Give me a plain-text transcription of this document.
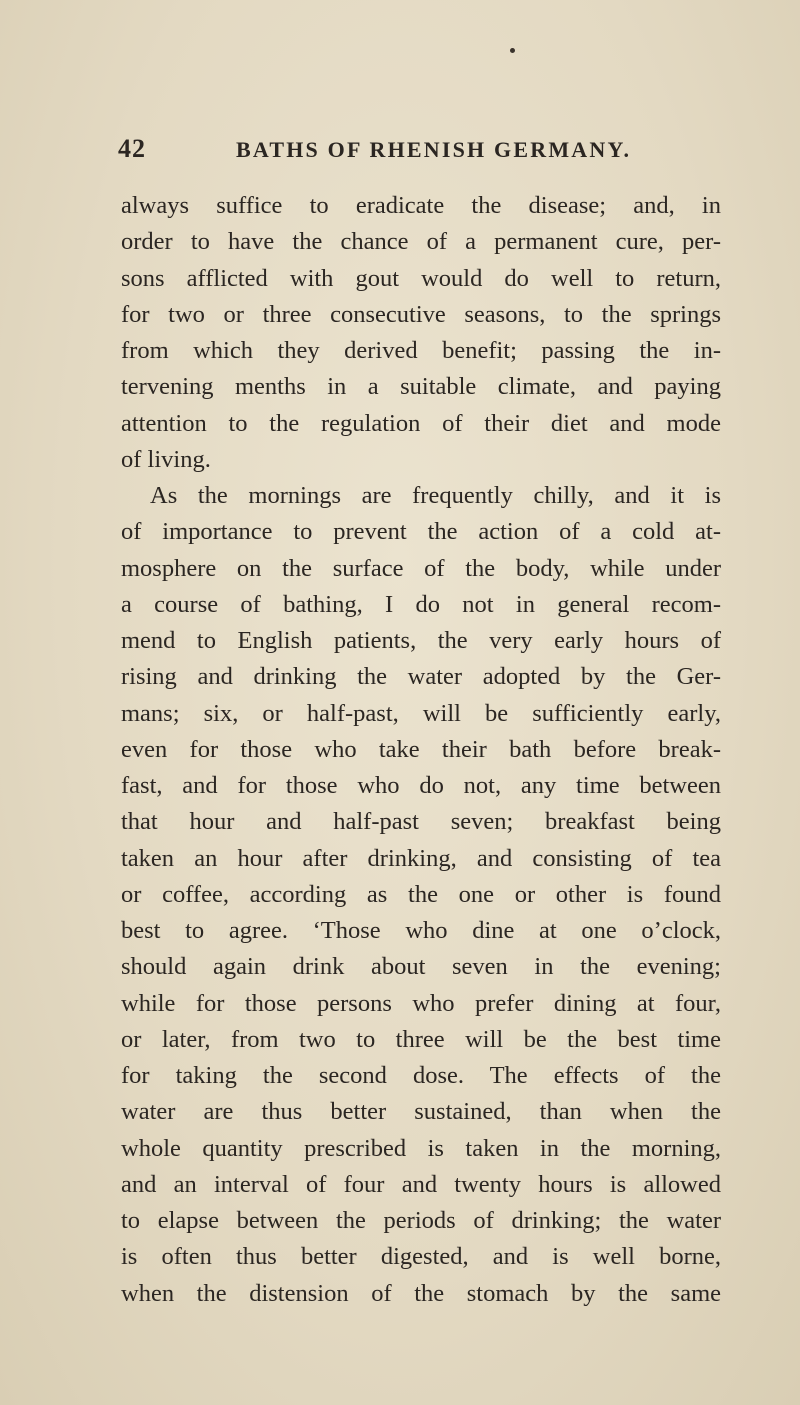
42	BATHS OF RHENISH GERMANY.
always suffice to eradicate the disease; and, in
order to have the chance of a permanent cure, per-
sons afflicted with gout would do well to return,
for two or three consecutive seasons, to the springs
from which they derived benefit; passing the in-
tervening menths in a suitable climate, and paying
attention to the regulation of their diet and mode
of living.
As the mornings are frequently chilly, and it is
of importance to prevent the action of a cold at-
mosphere on the surface of the body, while under
a course of bathing, I do not in general recom-
mend to English patients, the very early hours of
rising and drinking the water adopted by the Ger-
mans; six, or half-past, will be sufficiently early,
even for those who take their bath before break-
fast, and for those who do not, any time between
that hour and half-past seven; breakfast being
taken an hour after drinking, and consisting of tea
or coffee, according as the one or other is found
best to agree. ‘Those who dine at one o’clock,
should again drink about seven in the evening;
while for those persons who prefer dining at four,
or later, from two to three will be the best time
for taking the second dose. The effects of the
water are thus better sustained, than when the
whole quantity prescribed is taken in the morning,
and an interval of four and twenty hours is allowed
to elapse between the periods of drinking; the water
is often thus better digested, and is well borne,
when the distension of the stomach by the same
